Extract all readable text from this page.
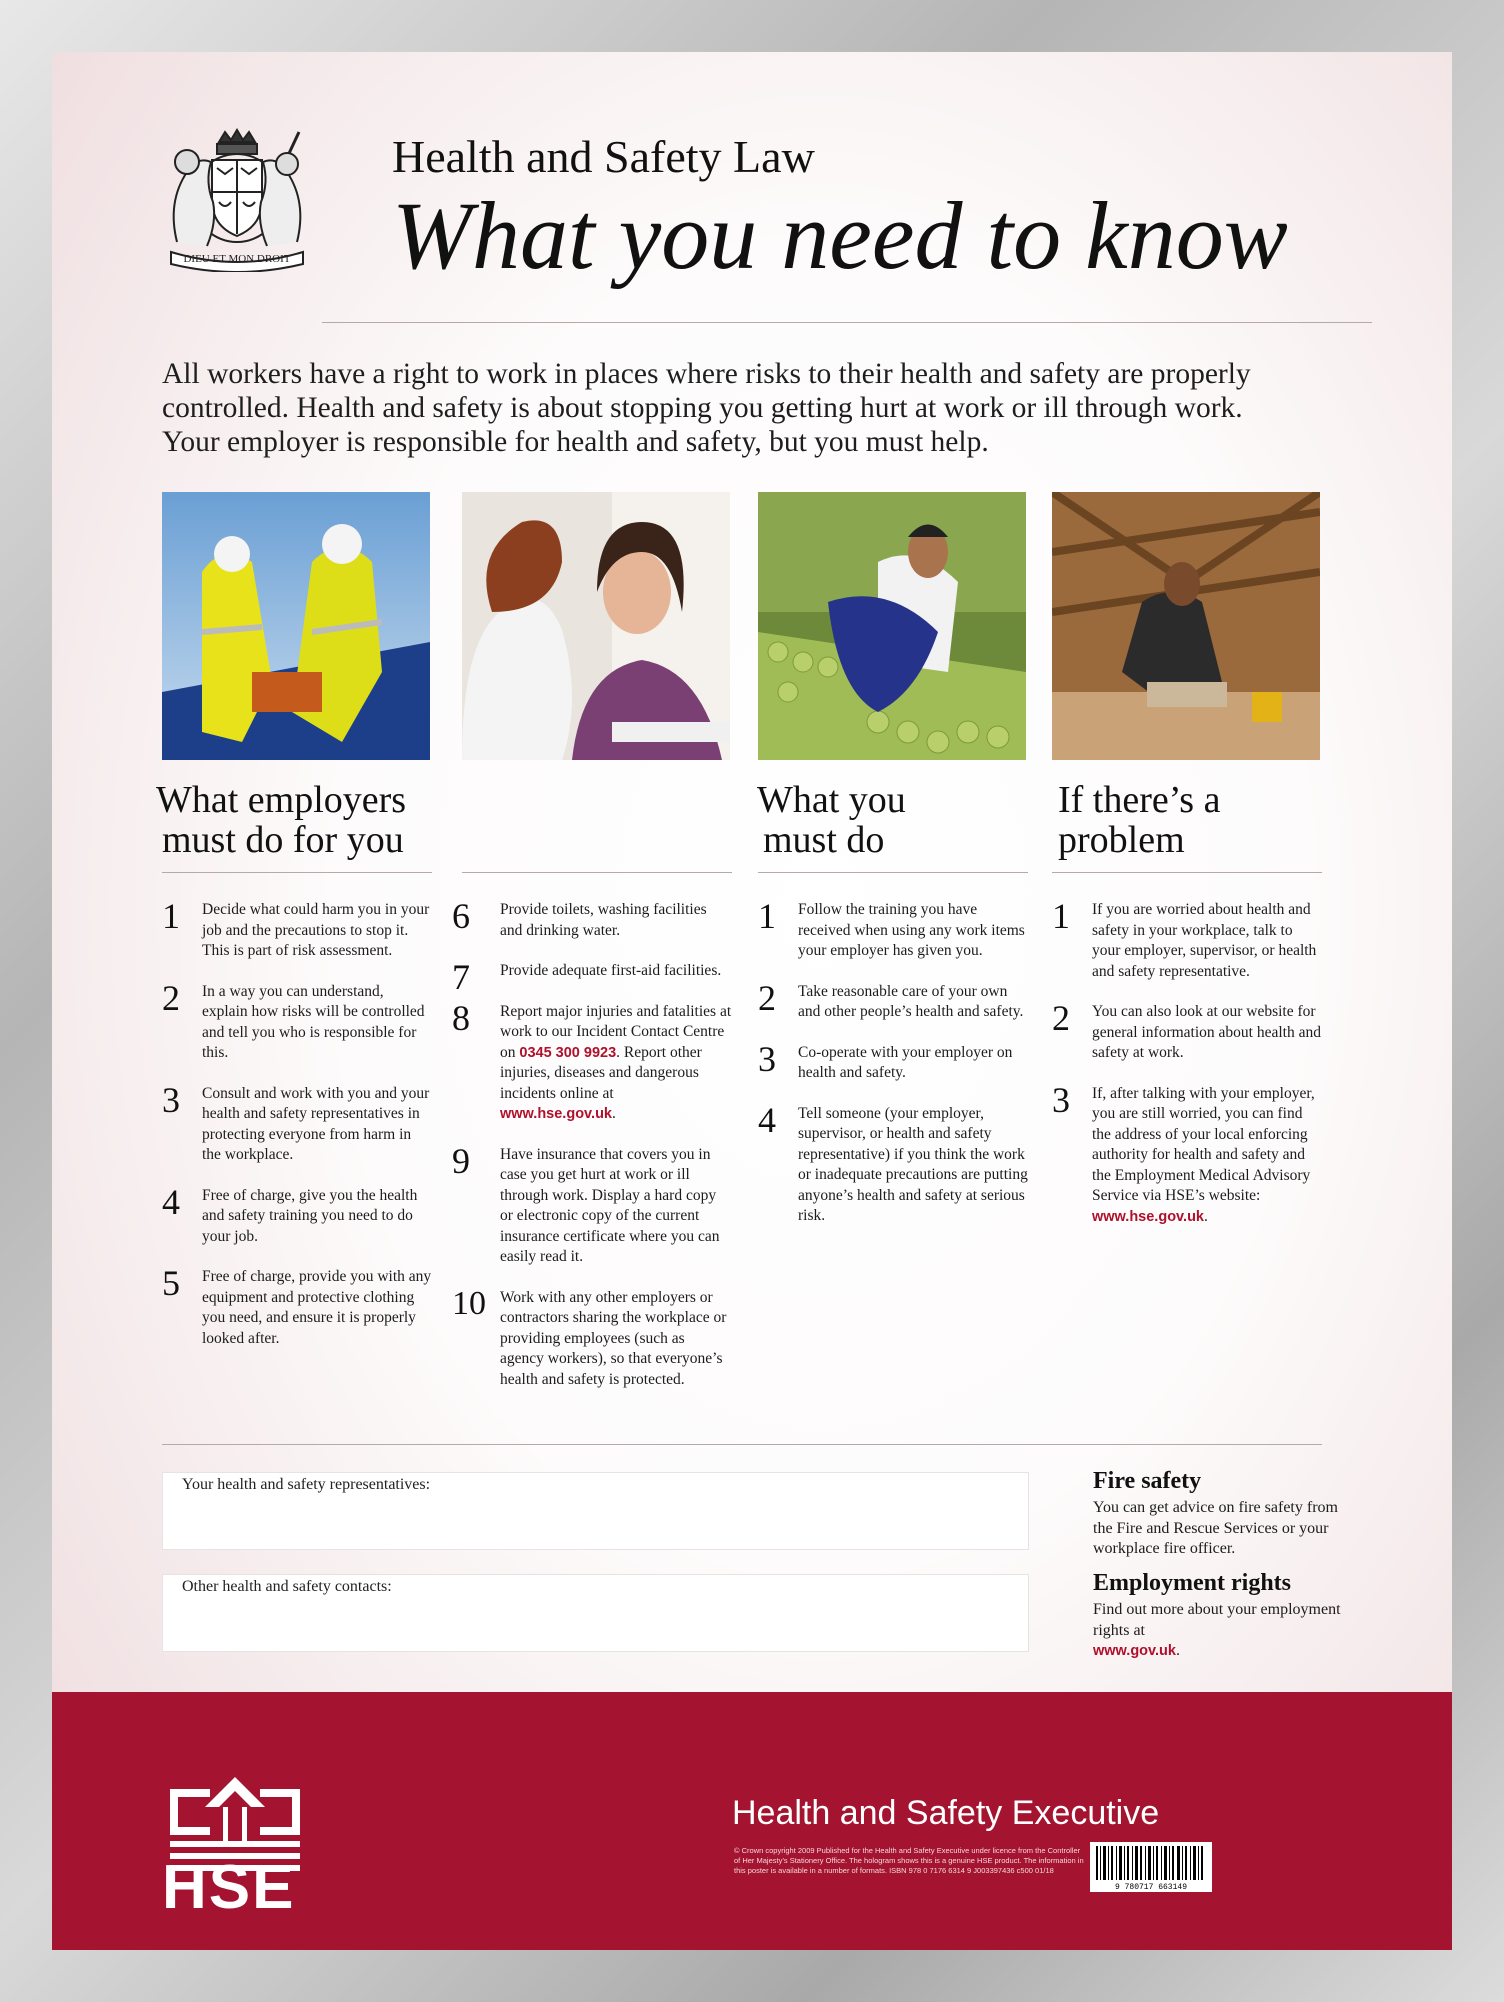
DIEU ET MON DROIT
Health and Safety Law
What you need to know

All workers have a right to work in places where risks to their health and safety are properly

controlled. Health and safety is about stopping you getting hurt at work or ill through work.

Your employer is responsible for health and safety, but you must help.

What employers
must do for you
What you
must do
If there’s a
problem
1	Decide what could harm you in your job and the precautions to stop it. This is part of risk assessment.
2	In a way you can understand, explain how risks will be controlled and tell you who is responsible for this.
3	Consult and work with you and your health and safety representatives in protecting everyone from harm in the workplace.
4	Free of charge, give you the health and safety training you need to do your job.
5	Free of charge, provide you with any equipment and protective clothing you need, and ensure it is properly looked after.
6	Provide toilets, washing facilities and drinking water.
7	Provide adequate first-aid facilities.
8	Report major injuries and fatalities at work to our Incident Contact Centre on 0345 300 9923. Report other injuries, diseases and dangerous incidents online at www.hse.gov.uk.
9	Have insurance that covers you in case you get hurt at work or ill through work. Display a hard copy or electronic copy of the current insurance certificate where you can easily read it.
10 Work with any other employers or contractors sharing the workplace or providing employees (such as agency workers), so that everyone’s health and safety is protected.
1	Follow the training you have received when using any work items your employer has given you.
2	Take reasonable care of your own and other people’s health and safety.
3	Co-operate with your employer on health and safety.
4	Tell someone (your employer, supervisor, or health and safety representative) if you think the work or inadequate precautions are putting anyone’s health and safety at serious risk.
1	If you are worried about health and safety in your workplace, talk to your employer, supervisor, or health and safety representative.
2	You can also look at our website for general information about health and safety at work.
3	If, after talking with your employer, you are still worried, you can find the address of your local enforcing authority for health and safety and the Employment Medical Advisory Service via HSE’s website: www.hse.gov.uk.
Your health and safety representatives:
Other health and safety contacts:
Fire safety
You can get advice on fire safety from the Fire and Rescue Services or your workplace fire officer.
Employment rights
Find out more about your employment rights at
www.gov.uk.
HSE
Health and Safety Executive
© Crown copyright 2009 Published for the Health and Safety Executive under licence from the Controller of Her Majesty’s Stationery Office. The hologram shows this is a genuine HSE product. The information in this poster is available in a number of formats. ISBN 978 0 7176 6314 9 J003397436 c500 01/18
9 780717 663149
